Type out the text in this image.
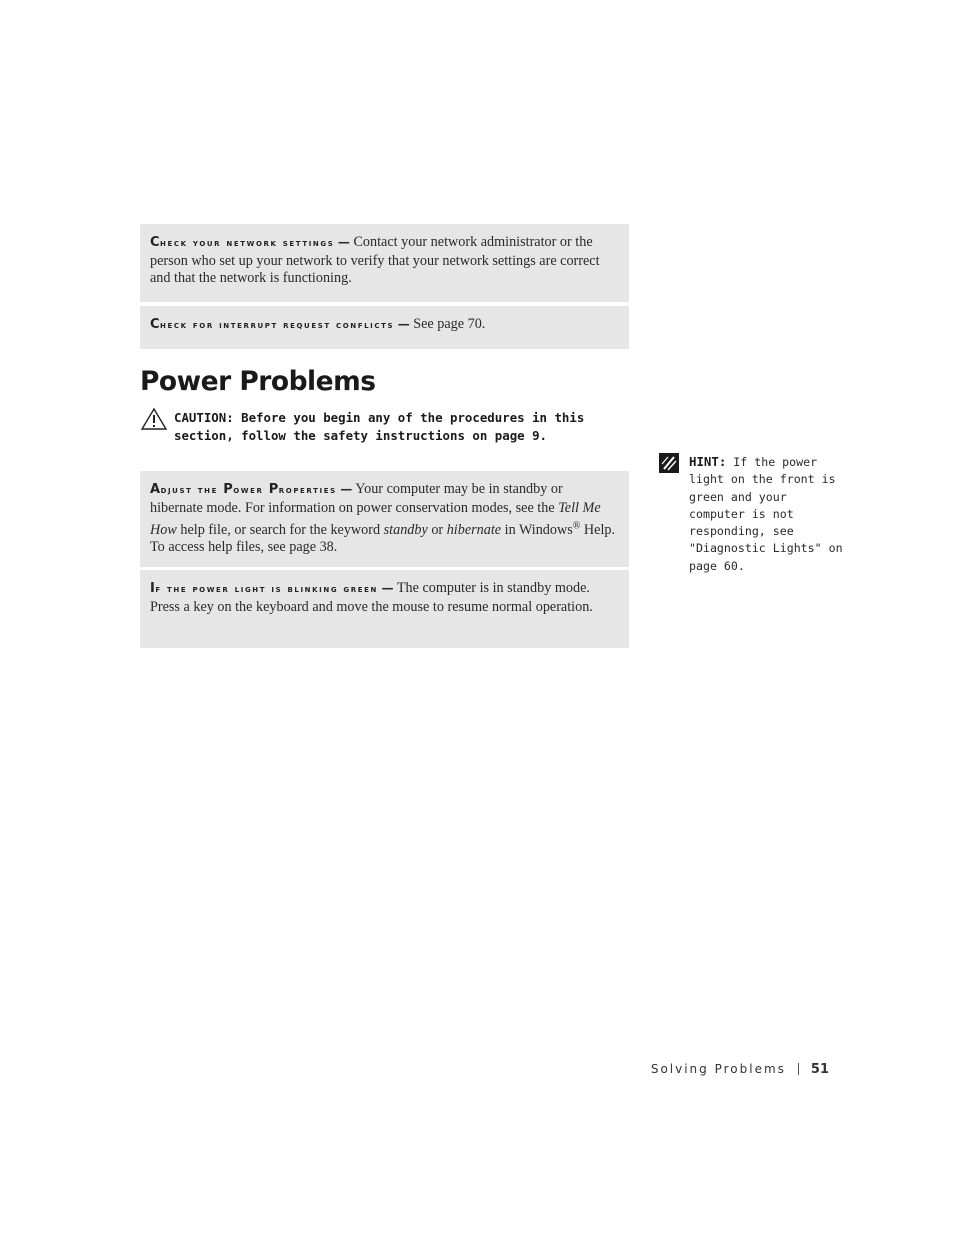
Check your network settings — Contact your network administrator or the person who set up your network to verify that your network settings are correct and that the network is functioning.
Check for interrupt request conflicts — See page 70.
Power Problems
CAUTION: Before you begin any of the procedures in this section, follow the safety instructions on page 9.
Adjust the Power Properties — Your computer may be in standby or hibernate mode. For information on power conservation modes, see the Tell Me How help file, or search for the keyword standby or hibernate in Windows® Help. To access help files, see page 38.
If the power light is blinking green — The computer is in standby mode. Press a key on the keyboard and move the mouse to resume normal operation.
HINT: If the power light on the front is green and your computer is not responding, see "Diagnostic Lights" on page 60.
Solving Problems 51
